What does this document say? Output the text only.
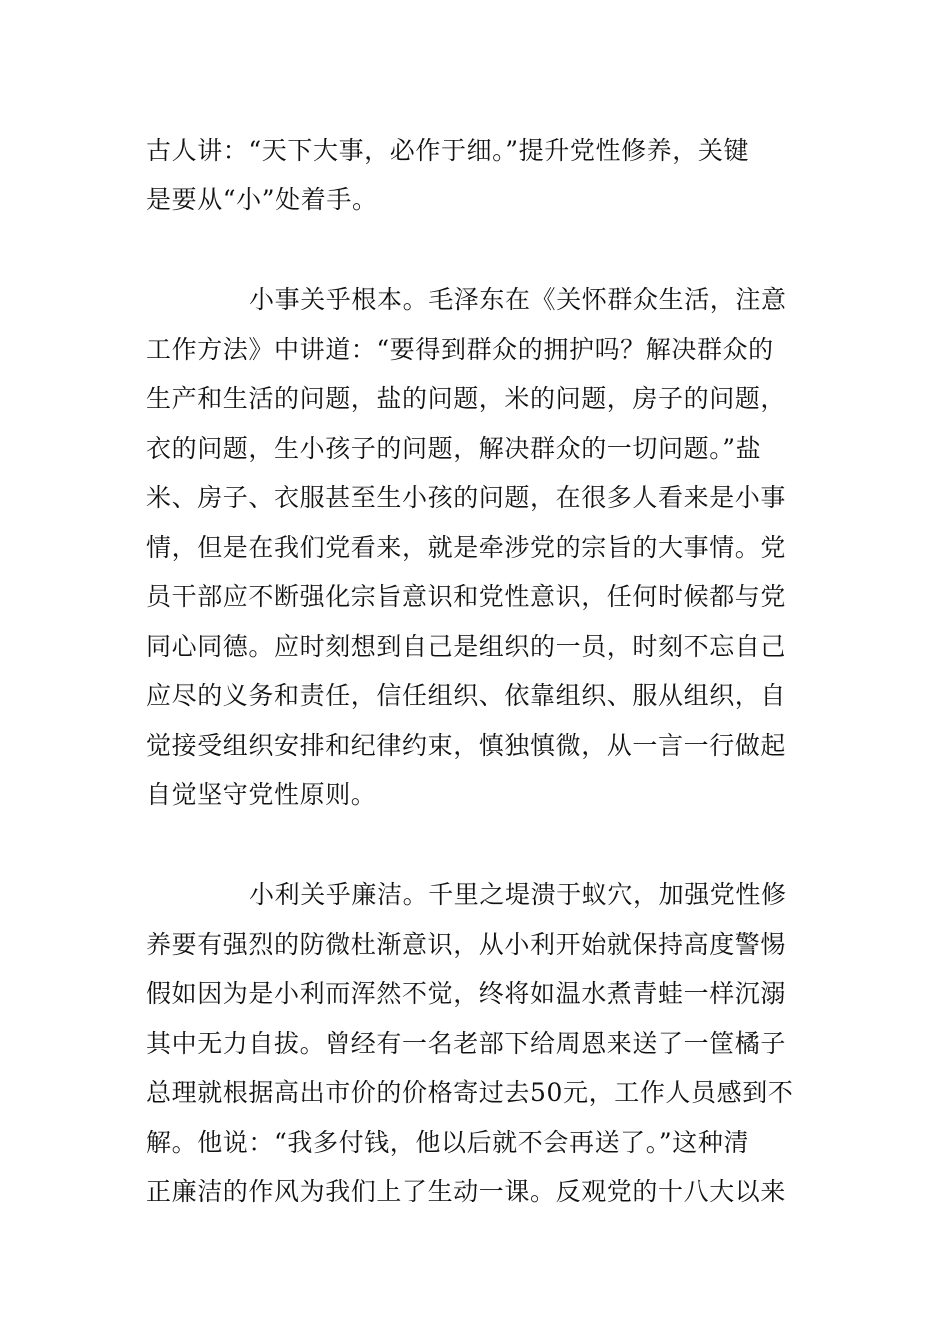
古人讲：“天下大事，必作于细。”提升党性修养，关键
是要从“小”处着手。
小事关乎根本。毛泽东在《关怀群众生活，注意
工作方法》中讲道：“要得到群众的拥护吗？解决群众的
生产和生活的问题，盐的问题，米的问题，房子的问题，
衣的问题，生小孩子的问题，解决群众的一切问题。”盐
米、房子、衣服甚至生小孩的问题，在很多人看来是小事
情，但是在我们党看来，就是牵涉党的宗旨的大事情。党
员干部应不断强化宗旨意识和党性意识，任何时候都与党
同心同德。应时刻想到自己是组织的一员，时刻不忘自己
应尽的义务和责任，信任组织、依靠组织、服从组织，自
觉接受组织安排和纪律约束，慎独慎微，从一言一行做起
自觉坚守党性原则。
小利关乎廉洁。千里之堤溃于蚁穴，加强党性修
养要有强烈的防微杜渐意识，从小利开始就保持高度警惕
假如因为是小利而浑然不觉，终将如温水煮青蛙一样沉溺
其中无力自拔。曾经有一名老部下给周恩来送了一筐橘子
总理就根据高出市价的价格寄过去50元，工作人员感到不
解。他说：“我多付钱，他以后就不会再送了。”这种清
正廉洁的作风为我们上了生动一课。反观党的十八大以来
